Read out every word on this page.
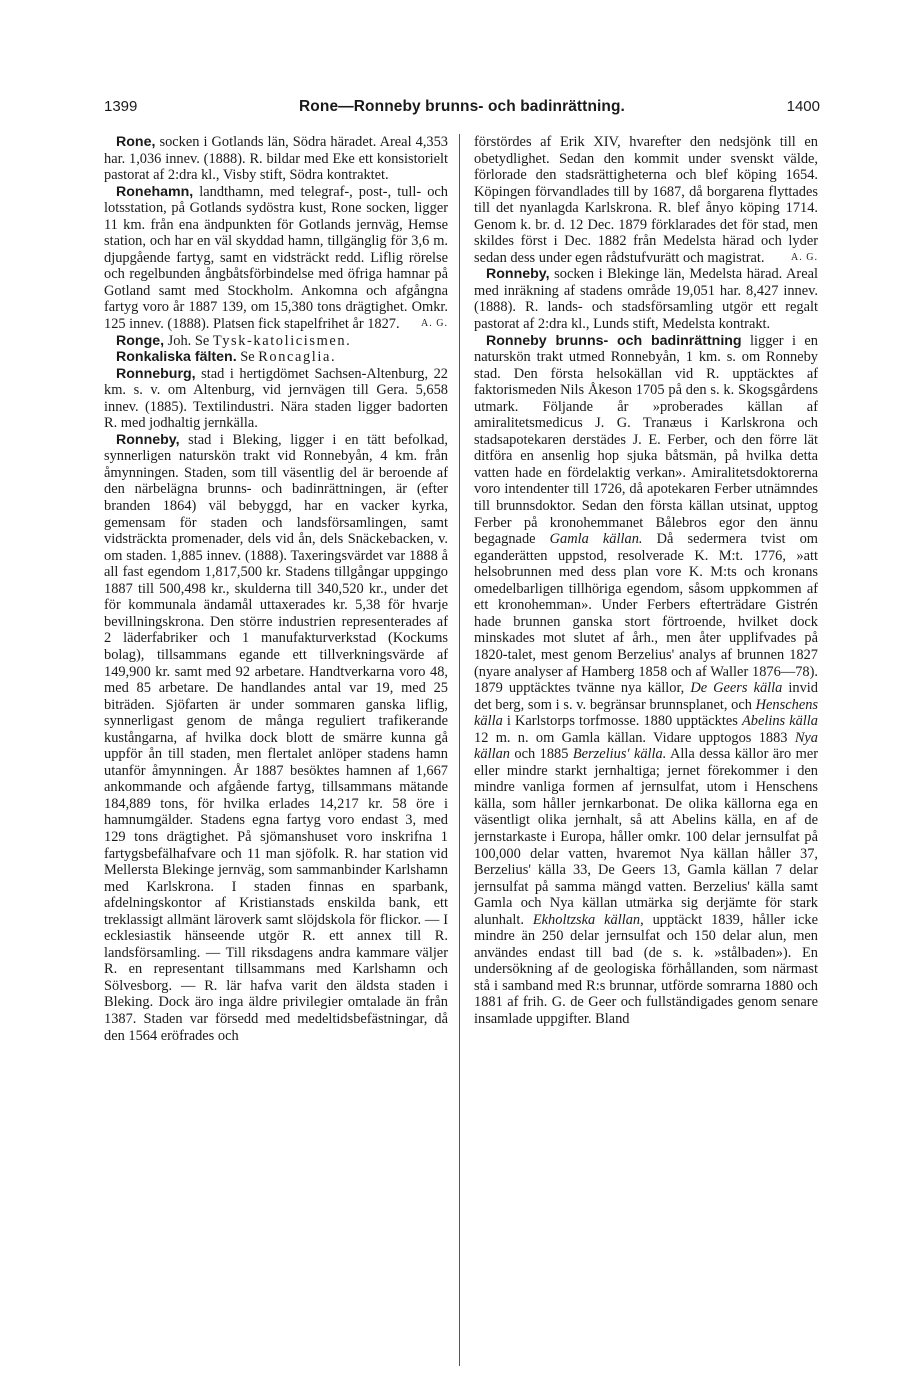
1399	Rone—Ronneby brunns- och badinrättning.	1400

Rone, socken i Gotlands län, Södra häradet. Areal 4,353 har. 1,036 innev. (1888). R. bildar med Eke ett konsistorielt pastorat af 2:dra kl., Visby stift, Södra kontraktet.

Ronehamn, landthamn, med telegraf-, post-, tull- och lotsstation, på Gotlands sydöstra kust, Rone socken, ligger 11 km. från ena ändpunkten för Gotlands jernväg, Hemse station, och har en väl skyddad hamn, tillgänglig för 3,6 m. djupgående fartyg, samt en vidsträckt redd. Liflig rörelse och regelbunden ångbåtsförbindelse med öfriga hamnar på Gotland samt med Stockholm. Ankomna och afgångna fartyg voro år 1887 139, om 15,380 tons drägtighet. Omkr. 125 innev. (1888). Platsen fick stapelfrihet år 1827.	A. G.

Ronge, Joh. Se Tysk-katolicismen.

Ronkaliska fälten. Se Roncaglia.

Ronneburg, stad i hertigdömet Sachsen-Altenburg, 22 km. s. v. om Altenburg, vid jernvägen till Gera. 5,658 innev. (1885). Textilindustri. Nära staden ligger badorten R. med jodhaltig jernkälla.

Ronneby, stad i Bleking, ligger i en tätt befolkad, synnerligen naturskön trakt vid Ronnebyån, 4 km. från åmynningen. Staden, som till väsentlig del är beroende af den närbelägna brunns- och badinrättningen, är (efter branden 1864) väl bebyggd, har en vacker kyrka, gemensam för staden och landsförsamlingen, samt vidsträckta promenader, dels vid ån, dels Snäckebacken, v. om staden. 1,885 innev. (1888). Taxeringsvärdet var 1888 å all fast egendom 1,817,500 kr. Stadens tillgångar uppgingo 1887 till 500,498 kr., skulderna till 340,520 kr., under det för kommunala ändamål uttaxerades kr. 5,38 för hvarje bevillningskrona. Den större industrien representerades af 2 läderfabriker och 1 manufakturverkstad (Kockums bolag), tillsammans egande ett tillverkningsvärde af 149,900 kr. samt med 92 arbetare. Handtverkarna voro 48, med 85 arbetare. De handlandes antal var 19, med 25 biträden. Sjöfarten är under sommaren ganska liflig, synnerligast genom de många reguliert trafikerande kustångarna, af hvilka dock blott de smärre kunna gå uppför ån till staden, men flertalet anlöper stadens hamn utanför åmynningen. År 1887 besöktes hamnen af 1,667 ankommande och afgående fartyg, tillsammans mätande 184,889 tons, för hvilka erlades 14,217 kr. 58 öre i hamnumgälder. Stadens egna fartyg voro endast 3, med 129 tons drägtighet. På sjömanshuset voro inskrifna 1 fartygsbefälhafvare och 11 man sjöfolk. R. har station vid Mellersta Blekinge jernväg, som sammanbinder Karlshamn med Karlskrona. I staden finnas en sparbank, afdelningskontor af Kristianstads enskilda bank, ett treklassigt allmänt läroverk samt slöjdskola för flickor. — I ecklesiastik hänseende utgör R. ett annex till R. landsförsamling. — Till riksdagens andra kammare väljer R. en representant tillsammans med Karlshamn och Sölvesborg. — R. lär hafva varit den äldsta staden i Bleking. Dock äro inga äldre privilegier omtalade än från 1387. Staden var försedd med medeltidsbefästningar, då den 1564 eröfrades och

förstördes af Erik XIV, hvarefter den nedsjönk till en obetydlighet. Sedan den kommit under svenskt välde, förlorade den stadsrättigheterna och blef köping 1654. Köpingen förvandlades till by 1687, då borgarena flyttades till det nyanlagda Karlskrona. R. blef ånyo köping 1714. Genom k. br. d. 12 Dec. 1879 förklarades det för stad, men skildes först i Dec. 1882 från Medelsta härad och lyder sedan dess under egen rådstufvurätt och magistrat.	A. G.

Ronneby, socken i Blekinge län, Medelsta härad. Areal med inräkning af stadens område 19,051 har. 8,427 innev. (1888). R. lands- och stadsförsamling utgör ett regalt pastorat af 2:dra kl., Lunds stift, Medelsta kontrakt.

Ronneby brunns- och badinrättning ligger i en naturskön trakt utmed Ronnebyån, 1 km. s. om Ronneby stad. Den första helsokällan vid R. upptäcktes af faktorismeden Nils Åkeson 1705 på den s. k. Skogsgårdens utmark. Följande år »proberades källan af amiralitetsmedicus J. G. Tranæus i Karlskrona och stadsapotekaren derstädes J. E. Ferber, och den förre lät ditföra en ansenlig hop sjuka båtsmän, på hvilka detta vatten hade en fördelaktig verkan». Amiralitetsdoktorerna voro intendenter till 1726, då apotekaren Ferber utnämndes till brunnsdoktor. Sedan den första källan utsinat, upptog Ferber på kronohemmanet Bålebros egor den ännu begagnade Gamla källan. Då sedermera tvist om eganderätten uppstod, resolverade K. M:t. 1776, »att helsobrunnen med dess plan vore K. M:ts och kronans omedelbarligen tillhöriga egendom, såsom uppkommen af ett kronohemman». Under Ferbers efterträdare Gistrén hade brunnen ganska stort förtroende, hvilket dock minskades mot slutet af årh., men åter upplifvades på 1820-talet, mest genom Berzelius' analys af brunnen 1827 (nyare analyser af Hamberg 1858 och af Waller 1876—78). 1879 upptäcktes tvänne nya källor, De Geers källa invid det berg, som i s. v. begränsar brunnsplanet, och Henschens källa i Karlstorps torfmosse. 1880 upptäcktes Abelins källa 12 m. n. om Gamla källan. Vidare upptogos 1883 Nya källan och 1885 Berzelius' källa. Alla dessa källor äro mer eller mindre starkt jernhaltiga; jernet förekommer i den mindre vanliga formen af jernsulfat, utom i Henschens källa, som håller jernkarbonat. De olika källorna ega en väsentligt olika jernhalt, så att Abelins källa, en af de jernstarkaste i Europa, håller omkr. 100 delar jernsulfat på 100,000 delar vatten, hvaremot Nya källan håller 37, Berzelius' källa 33, De Geers 13, Gamla källan 7 delar jernsulfat på samma mängd vatten. Berzelius' källa samt Gamla och Nya källan utmärka sig derjämte för stark alunhalt. Ekholtzska källan, upptäckt 1839, håller icke mindre än 250 delar jernsulfat och 150 delar alun, men användes endast till bad (de s. k. »stålbaden»). En undersökning af de geologiska förhållanden, som närmast stå i samband med R:s brunnar, utförde somrarna 1880 och 1881 af frih. G. de Geer och fullständigades genom senare insamlade uppgifter. Bland
